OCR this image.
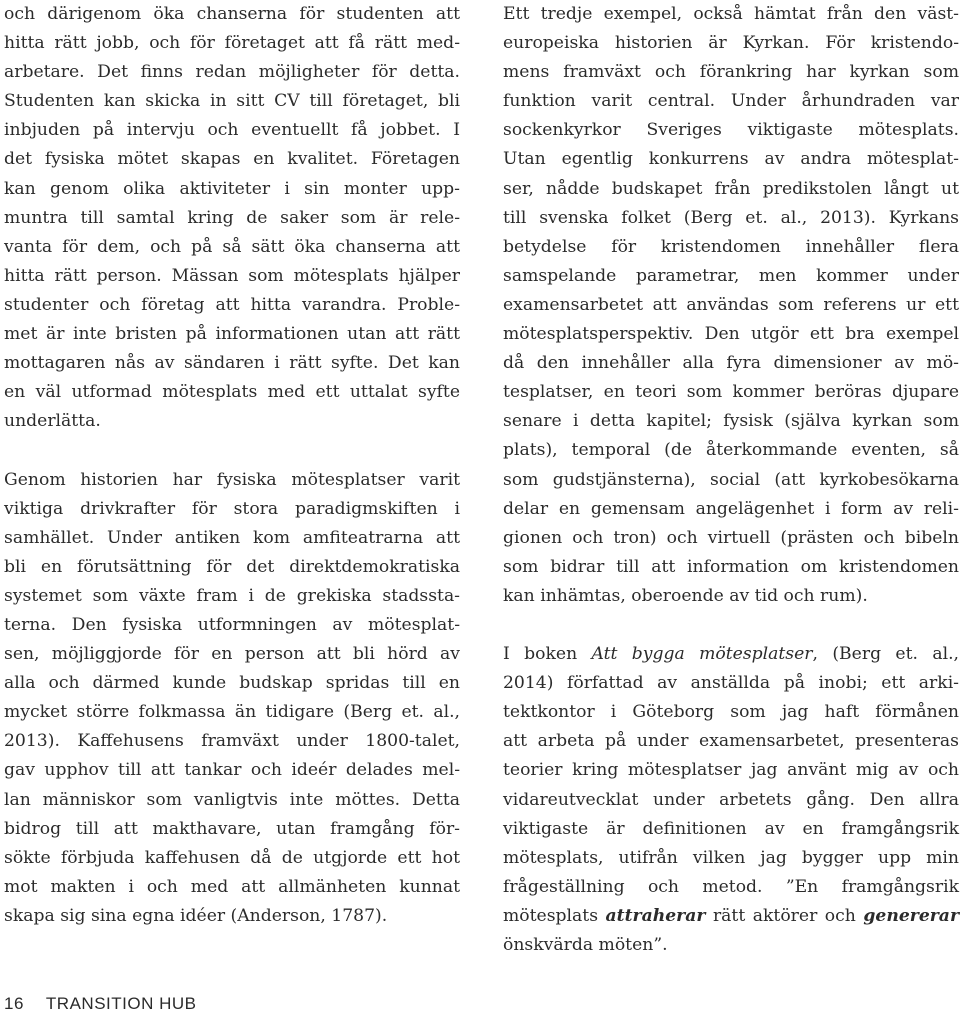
och därigenom öka chanserna för studenten att
hitta rätt jobb, och för företaget att få rätt med-
arbetare. Det finns redan möjligheter för detta.
Studenten kan skicka in sitt CV till företaget, bli
inbjuden på intervju och eventuellt få jobbet. I
det fysiska mötet skapas en kvalitet. Företagen
kan genom olika aktiviteter i sin monter upp-
muntra till samtal kring de saker som är rele-
vanta för dem, och på så sätt öka chanserna att
hitta rätt person. Mässan som mötesplats hjälper
studenter och företag att hitta varandra. Proble-
met är inte bristen på informationen utan att rätt
mottagaren nås av sändaren i rätt syfte. Det kan
en väl utformad mötesplats med ett uttalat syfte
underlätta.
Genom historien har fysiska mötesplatser varit
viktiga drivkrafter för stora paradigmskiften i
samhället. Under antiken kom amfiteatrarna att
bli en förutsättning för det direktdemokratiska
systemet som växte fram i de grekiska stadssta-
terna. Den fysiska utformningen av mötesplat-
sen, möjliggjorde för en person att bli hörd av
alla och därmed kunde budskap spridas till en
mycket större folkmassa än tidigare (Berg et. al.,
2013). Kaffehusens framväxt under 1800-talet,
gav upphov till att tankar och ideér delades mel-
lan människor som vanligtvis inte möttes. Detta
bidrog till att makthavare, utan framgång för-
sökte förbjuda kaffehusen då de utgjorde ett hot
mot makten i och med att allmänheten kunnat
skapa sig sina egna idéer (Anderson, 1787).
Ett tredje exempel, också hämtat från den väst-
europeiska historien är Kyrkan. För kristendo-
mens framväxt och förankring har kyrkan som
funktion varit central. Under århundraden var
sockenkyrkor Sveriges viktigaste mötesplats.
Utan egentlig konkurrens av andra mötesplat-
ser, nådde budskapet från predikstolen långt ut
till svenska folket (Berg et. al., 2013). Kyrkans
betydelse för kristendomen innehåller flera
samspelande parametrar, men kommer under
examensarbetet att användas som referens ur ett
mötesplatsperspektiv. Den utgör ett bra exempel
då den innehåller alla fyra dimensioner av mö-
tesplatser, en teori som kommer beröras djupare
senare i detta kapitel; fysisk (själva kyrkan som
plats), temporal (de återkommande eventen, så
som gudstjänsterna), social (att kyrkobesökarna
delar en gemensam angelägenhet i form av reli-
gionen och tron) och virtuell (prästen och bibeln
som bidrar till att information om kristendomen
kan inhämtas, oberoende av tid och rum).
I boken Att bygga mötesplatser, (Berg et. al.,
2014) författad av anställda på inobi; ett arki-
tektkontor i Göteborg som jag haft förmånen
att arbeta på under examensarbetet, presenteras
teorier kring mötesplatser jag använt mig av och
vidareutvecklat under arbetets gång. Den allra
viktigaste är definitionen av en framgångsrik
mötesplats, utifrån vilken jag bygger upp min
frågeställning och metod. ”En framgångsrik
mötesplats attraherar rätt aktörer och genererar
önskvärda möten”.
16 TRANSITION HUB
